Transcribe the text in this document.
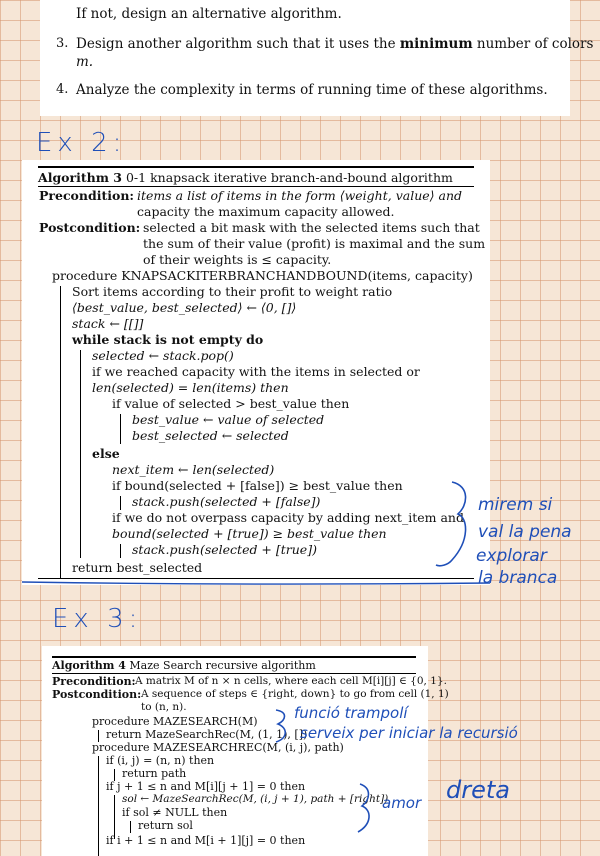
If not, design an alternative algorithm.
3. Design another algorithm such that it uses the minimum number of colors
m.
4. Analyze the complexity in terms of running time of these algorithms.
Ex 2:
Algorithm 3 0-1 knapsack iterative branch-and-bound algorithm
Precondition: items a list of items in the form ⟨weight, value⟩ and
capacity the maximum capacity allowed.
Postcondition: selected a bit mask with the selected items such that
the sum of their value (profit) is maximal and the sum
of their weights is ≤ capacity.
procedure KNAPSACKITERBRANCHANDBOUND(items, capacity)
Sort items according to their profit to weight ratio
⟨best_value, best_selected⟩ ← ⟨0, []⟩
stack ← [[]]
while stack is not empty do
selected ← stack.pop()
if we reached capacity with the items in selected or
len(selected) = len(items) then
if value of selected > best_value then
best_value ← value of selected
best_selected ← selected
else
next_item ← len(selected)
if bound(selected + [false]) ≥ best_value then
stack.push(selected + [false])
if we do not overpass capacity by adding next_item and
bound(selected + [true]) ≥ best_value then
stack.push(selected + [true])
return best_selected
mirem si
val la pena
explorar
la branca
Ex 3:
Algorithm 4 Maze Search recursive algorithm
Precondition: A matrix M of n × n cells, where each cell M[i][j] ∈ {0, 1}.
Postcondition: A sequence of steps ∈ {right, down} to go from cell (1, 1)
to (n, n).
procedure MAZESEARCH(M)
return MazeSearchRec(M, (1, 1), [])
procedure MAZESEARCHREC(M, (i, j), path)
if (i, j) = (n, n) then
return path
if j + 1 ≤ n and M[i][j + 1] = 0 then
sol ← MazeSearchRec(M, (i, j + 1), path + [right])
if sol ≠ NULL then
return sol
if i + 1 ≤ n and M[i + 1][j] = 0 then
funció trampolí
serveix per iniciar la recursió
amor dreta
